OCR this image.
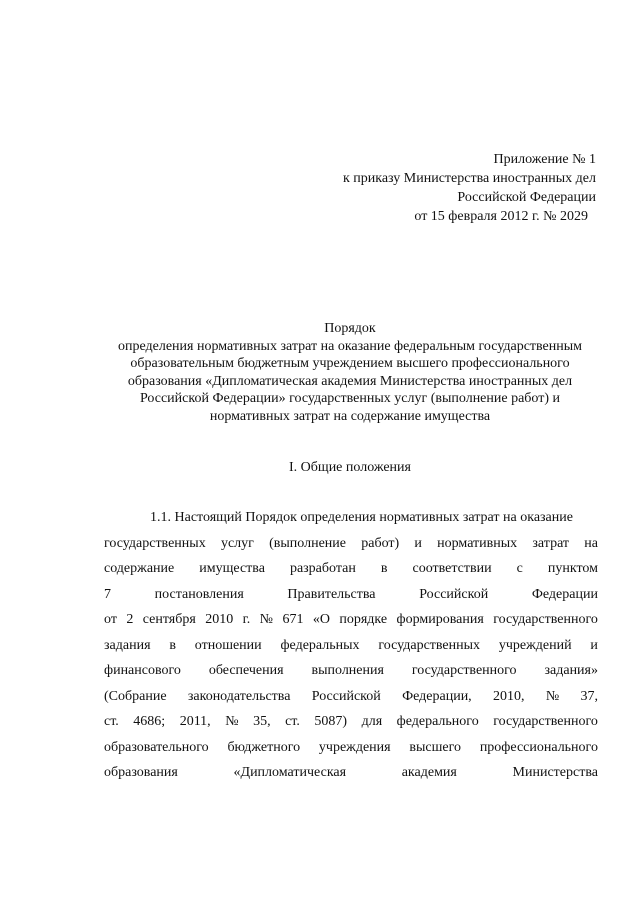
Приложение № 1
к приказу Министерства иностранных дел
Российской Федерации
от 15 февраля 2012 г. № 2029
Порядок
определения нормативных затрат на оказание федеральным государственным
образовательным бюджетным учреждением высшего профессионального
образования «Дипломатическая академия Министерства иностранных дел
Российской Федерации» государственных услуг (выполнение работ) и
нормативных затрат на содержание имущества
I. Общие положения
1.1. Настоящий Порядок определения нормативных затрат на оказание
государственных услуг (выполнение работ) и нормативных затрат на
содержание имущества разработан в соответствии с пунктом
7	постановления	Правительства	Российской	Федерации
от 2 сентября 2010 г. № 671 «О порядке формирования государственного
задания в отношении федеральных государственных учреждений и
финансового обеспечения выполнения государственного задания»
(Собрание законодательства Российской Федерации, 2010, № 37,
ст. 4686; 2011, № 35, ст. 5087) для федерального государственного
образовательного бюджетного учреждения высшего профессионального
образования	«Дипломатическая	академия	Министерства
